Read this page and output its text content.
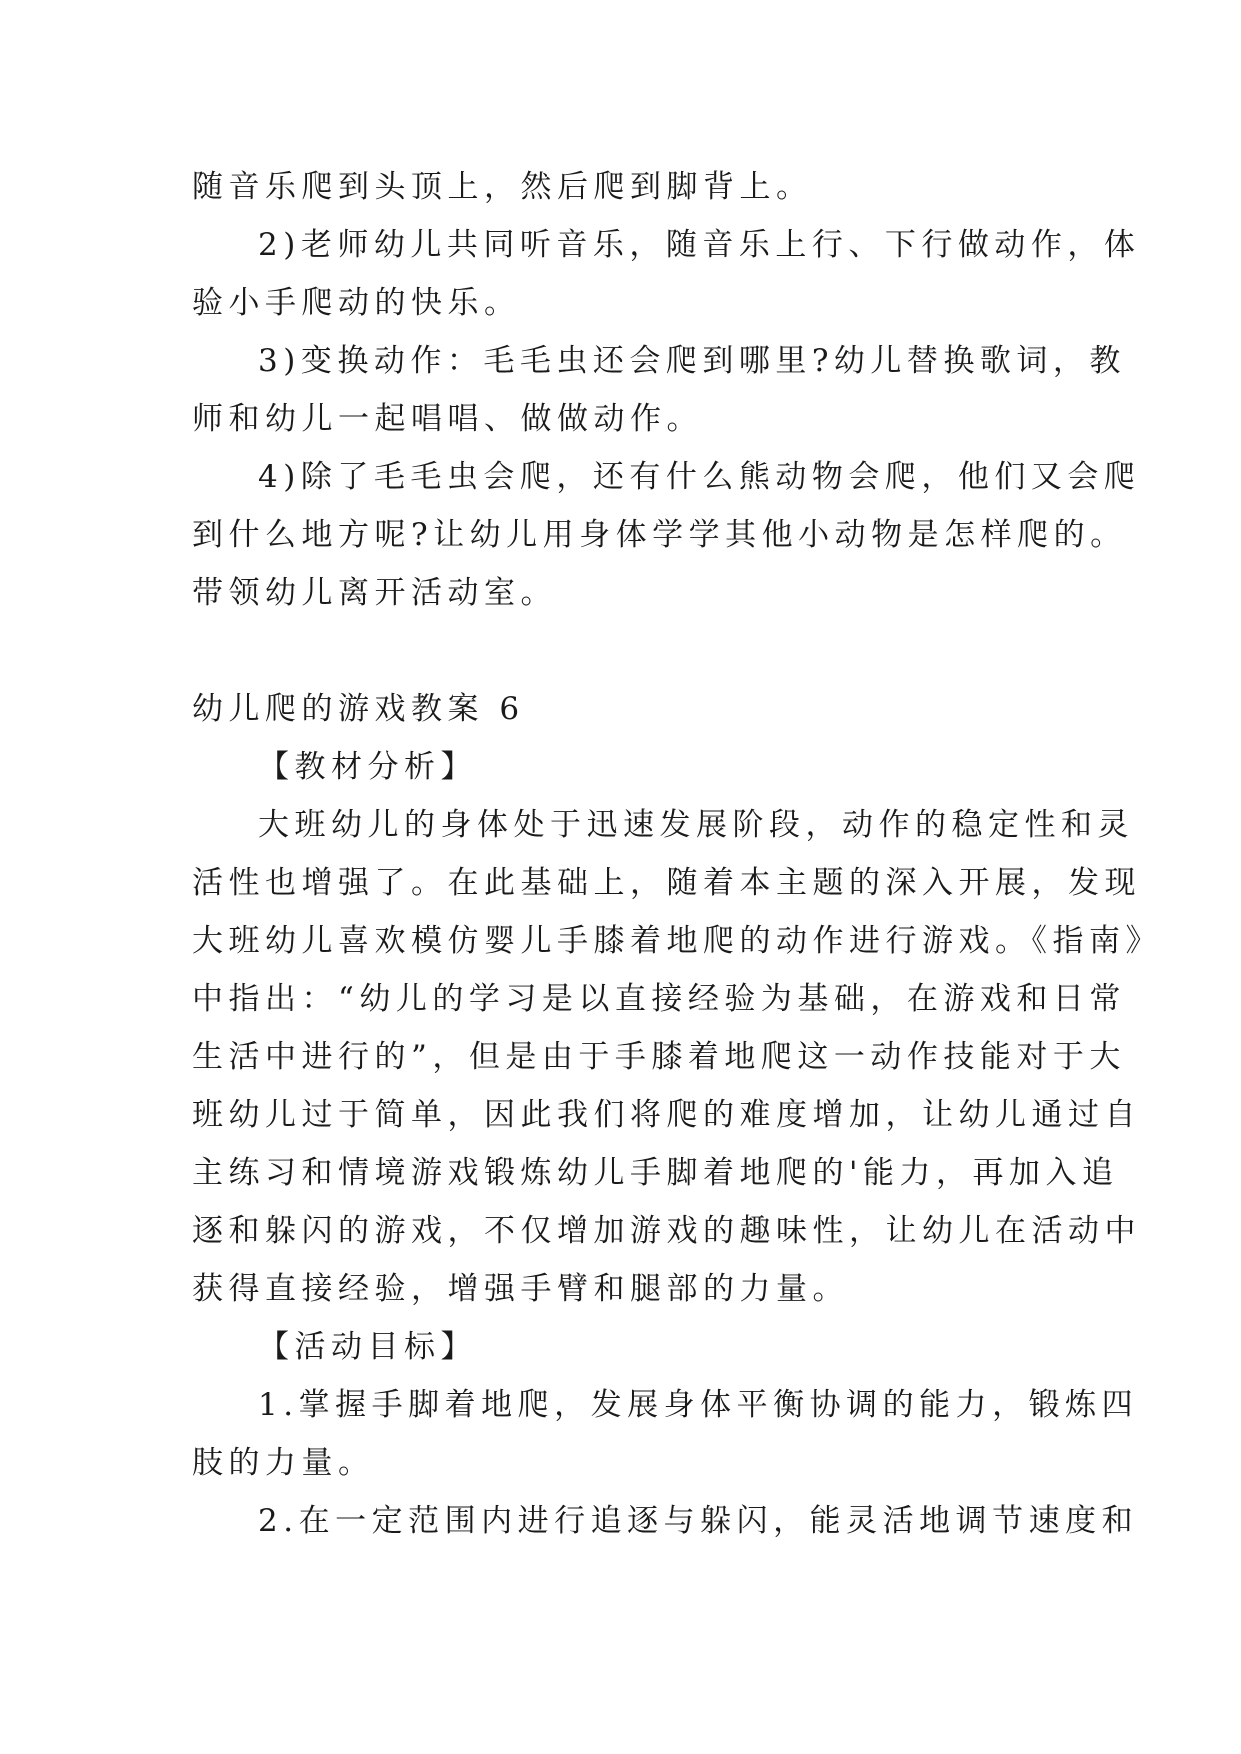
随音乐爬到头顶上，然后爬到脚背上。
2)老师幼儿共同听音乐，随音乐上行、下行做动作，体
验小手爬动的快乐。
3)变换动作：毛毛虫还会爬到哪里?幼儿替换歌词，教
师和幼儿一起唱唱、做做动作。
4)除了毛毛虫会爬，还有什么熊动物会爬，他们又会爬
到什么地方呢?让幼儿用身体学学其他小动物是怎样爬的。
带领幼儿离开活动室。
幼儿爬的游戏教案 6
【教材分析】
大班幼儿的身体处于迅速发展阶段，动作的稳定性和灵
活性也增强了。在此基础上，随着本主题的深入开展，发现
大班幼儿喜欢模仿婴儿手膝着地爬的动作进行游戏。《指南》
中指出：“幼儿的学习是以直接经验为基础，在游戏和日常
生活中进行的”，但是由于手膝着地爬这一动作技能对于大
班幼儿过于简单，因此我们将爬的难度增加，让幼儿通过自
主练习和情境游戏锻炼幼儿手脚着地爬的'能力，再加入追
逐和躲闪的游戏，不仅增加游戏的趣味性，让幼儿在活动中
获得直接经验，增强手臂和腿部的力量。
【活动目标】
1.掌握手脚着地爬，发展身体平衡协调的能力，锻炼四
肢的力量。
2.在一定范围内进行追逐与躲闪，能灵活地调节速度和
